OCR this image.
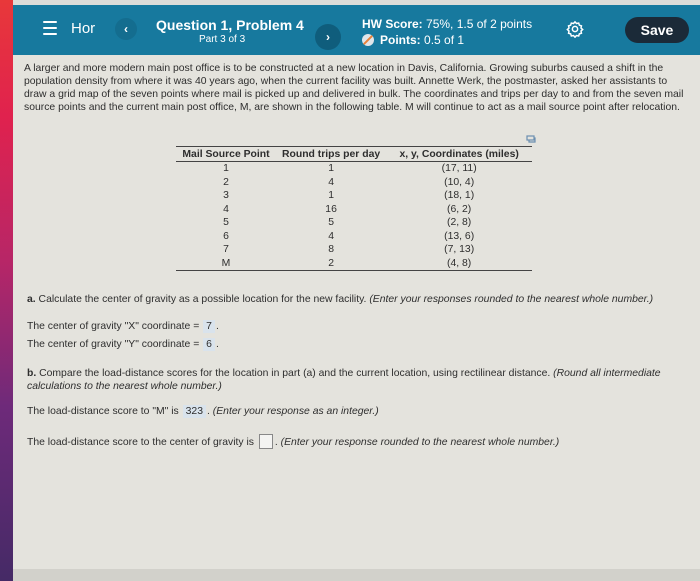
Hor ‹ Question 1, Problem 4
Part 3 of 3	›
HW Score: 75%, 1.5 of 2 points
Points: 0.5 of 1
Save

A larger and more modern main post office is to be constructed at a new location in Davis, California. Growing suburbs caused a shift in the population density from where it was 40 years ago, when the current facility was built. Annette Werk, the postmaster, asked her assistants to draw a grid map of the seven points where mail is picked up and delivered in bulk. The coordinates and trips per day to and from the seven mail source points and the current main post office, M, are shown in the following table. M will continue to act as a mail source point after relocation.

Mail Source Point	Round trips per day	x, y, Coordinates (miles)
1	1	(17, 11)
2	4	(10, 4)
3	1	(18, 1)
4	16	(6, 2)
5	5	(2, 8)
6	4	(13, 6)
7	8	(7, 13)
M	2	(4, 8)
a. Calculate the center of gravity as a possible location for the new facility. (Enter your responses rounded to the nearest whole number.)
The center of gravity "X" coordinate = 7 .
The center of gravity "Y" coordinate = 6 .
b. Compare the load-distance scores for the location in part (a) and the current location, using rectilinear distance. (Round all intermediate
calculations to the nearest whole number.)
The load-distance score to "M" is 323 . (Enter your response as an integer.)
The load-distance score to the center of gravity is . (Enter your response rounded to the nearest whole number.)
